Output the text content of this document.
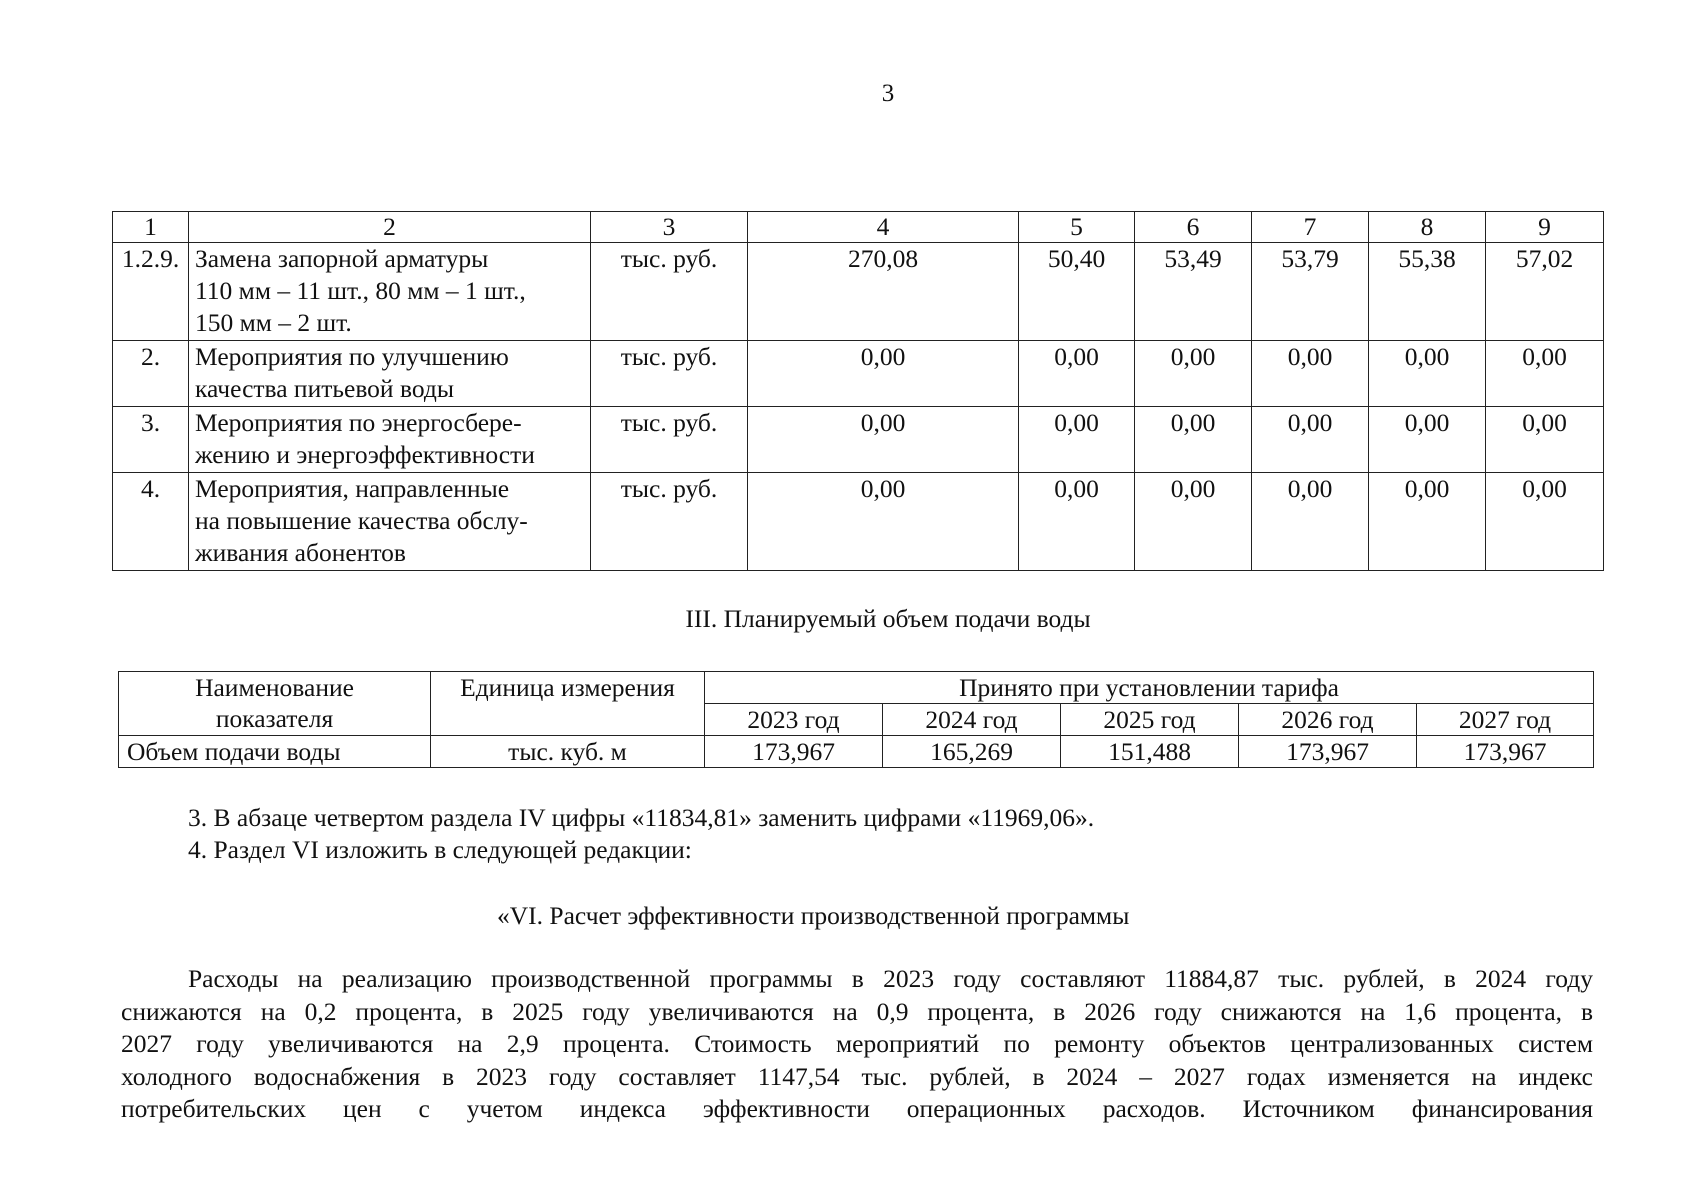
3
1	2	3	4	5	6	7	8	9
1.2.9.	Замена запорной арматуры
110 мм – 11 шт., 80 мм – 1 шт.,
150 мм – 2 шт.	тыс. руб.	270,08	50,40	53,49	53,79	55,38	57,02
2.	Мероприятия по улучшению
качества питьевой воды	тыс. руб.	0,00	0,00	0,00	0,00	0,00	0,00
3.	Мероприятия по энергосбере-
жению и энергоэффективности	тыс. руб.	0,00	0,00	0,00	0,00	0,00	0,00
4.	Мероприятия, направленные
на повышение качества обслу-
живания абонентов	тыс. руб.	0,00	0,00	0,00	0,00	0,00	0,00
III. Планируемый объем подачи воды
Наименование
показателя	Единица измерения	Принято при установлении тарифа				
		2023 год	2024 год	2025 год	2026 год	2027 год
Объем подачи воды	тыс. куб. м	173,967	165,269	151,488	173,967	173,967
3. В абзаце четвертом раздела IV цифры «11834,81» заменить цифрами «11969,06».
4. Раздел VI изложить в следующей редакции:
«VI. Расчет эффективности производственной программы
Расходы на реализацию производственной программы в 2023 году составляют 11884,87 тыс. рублей, в 2024 году
снижаются на 0,2 процента, в 2025 году увеличиваются на 0,9 процента, в 2026 году снижаются на 1,6 процента, в
2027 году увеличиваются на 2,9 процента. Стоимость мероприятий по ремонту объектов централизованных систем
холодного водоснабжения в 2023 году составляет 1147,54 тыс. рублей, в 2024 – 2027 годах изменяется на индекс
потребительских цен с учетом индекса эффективности операционных расходов. Источником финансирования
